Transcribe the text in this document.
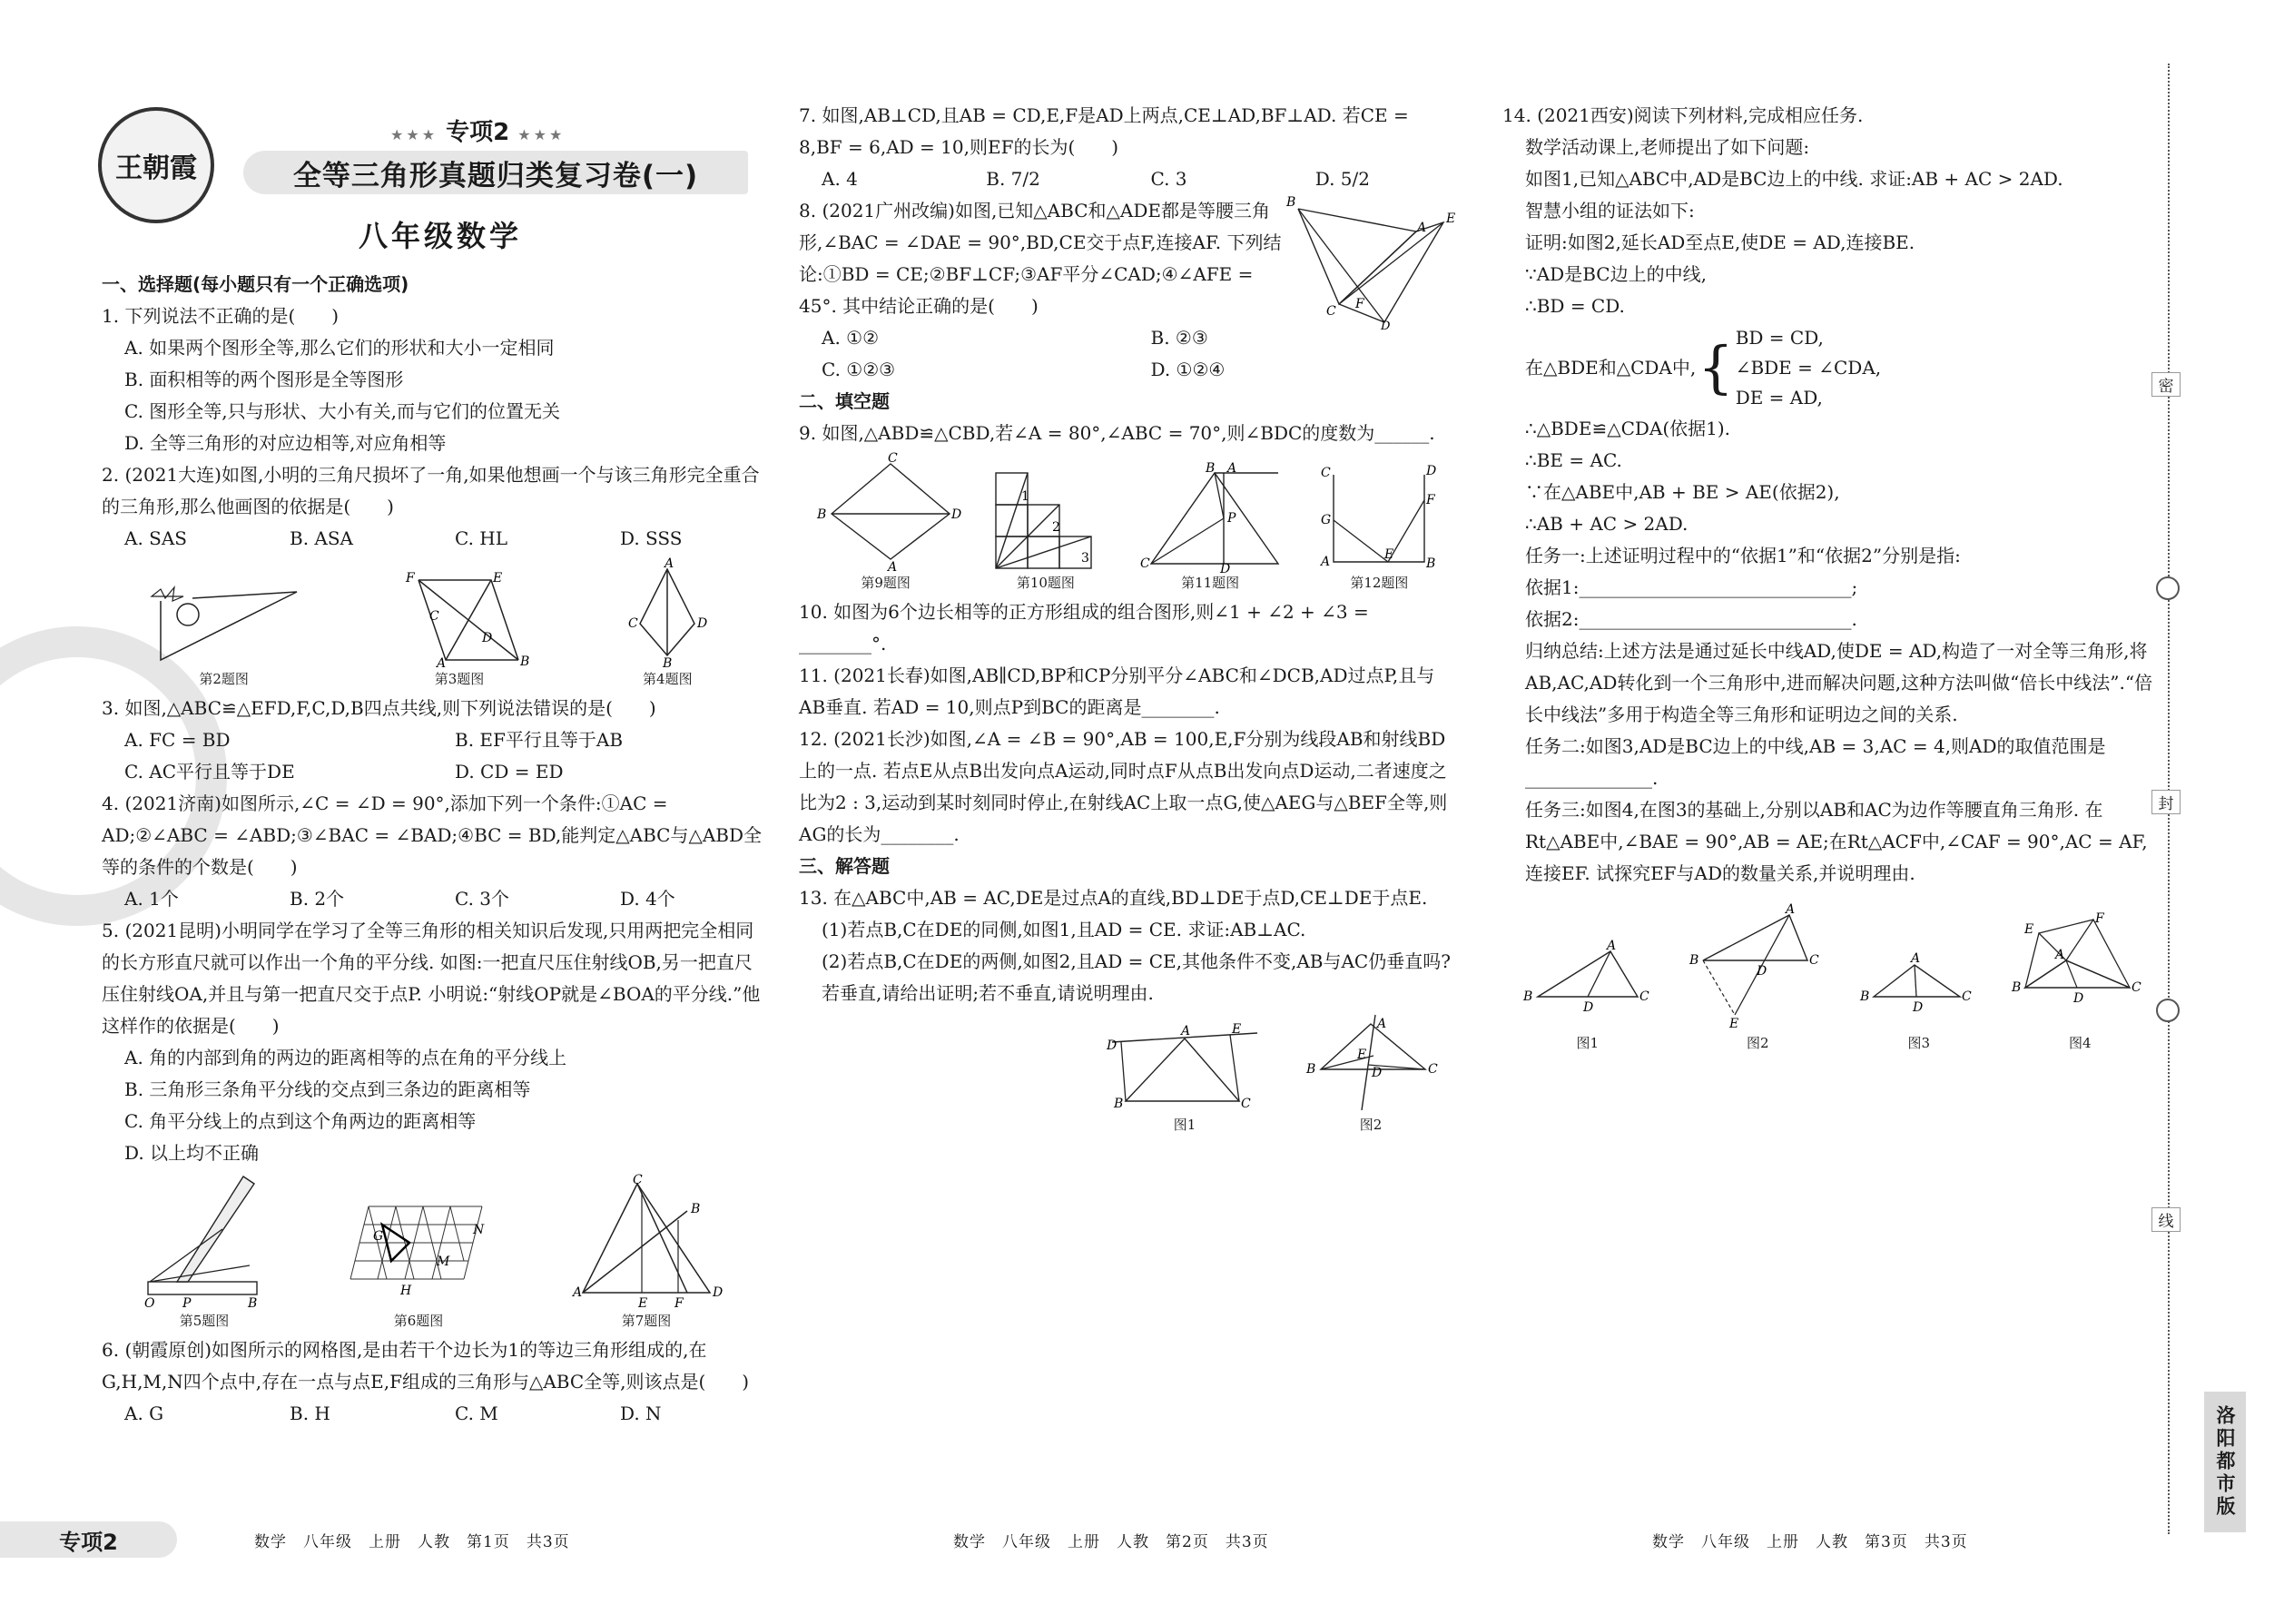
王朝霞
★★★ 专项2 ★★★
全等三角形真题归类复习卷(一)
八年级数学
一、选择题(每小题只有一个正确选项)
1. 下列说法不正确的是(　　)
A. 如果两个图形全等,那么它们的形状和大小一定相同
B. 面积相等的两个图形是全等图形
C. 图形全等,只与形状、大小有关,而与它们的位置无关
D. 全等三角形的对应边相等,对应角相等
2. (2021大连)如图,小明的三角尺损坏了一角,如果他想画一个与该三角形完全重合的三角形,那么他画图的依据是(　　)
A. SAS	B. ASA	C. HL	D. SSS
第2题图
F	E
C
D
A	B
第3题图
A
C	D
B
第4题图
3. 如图,△ABC≌△EFD,F,C,D,B四点共线,则下列说法错误的是(　　)
A. FC = BD	B. EF平行且等于AB
C. AC平行且等于DE	D. CD = ED
4. (2021济南)如图所示,∠C = ∠D = 90°,添加下列一个条件:①AC = AD;②∠ABC = ∠ABD;③∠BAC = ∠BAD;④BC = BD,能判定△ABC与△ABD全等的条件的个数是(　　)
A. 1个	B. 2个	C. 3个	D. 4个
5. (2021昆明)小明同学在学习了全等三角形的相关知识后发现,只用两把完全相同的长方形直尺就可以作出一个角的平分线. 如图:一把直尺压住射线OB,另一把直尺压住射线OA,并且与第一把直尺交于点P. 小明说:“射线OP就是∠BOA的平分线.”他这样作的依据是(　　)
A. 角的内部到角的两边的距离相等的点在角的平分线上
B. 三角形三条角平分线的交点到三条边的距离相等
C. 角平分线上的点到这个角两边的距离相等
D. 以上均不正确
O P	B
第5题图
H
M
N
G
第6题图
C
B
A	D
E F
第7题图
6. (朝霞原创)如图所示的网格图,是由若干个边长为1的等边三角形组成的,在G,H,M,N四个点中,存在一点与点E,F组成的三角形与△ABC全等,则该点是(　　)
A. G	B. H	C. M	D. N
7. 如图,AB⊥CD,且AB = CD,E,F是AD上两点,CE⊥AD,BF⊥AD. 若CE = 8,BF = 6,AD = 10,则EF的长为(　　)
A. 4	B. 7/2	C. 3	D. 5/2
8. (2021广州改编)如图,已知△ABC和△ADE都是等腰三角形,∠BAC = ∠DAE = 90°,BD,CE交于点F,连接AF. 下列结论:①BD = CE;②BF⊥CF;③AF平分∠CAD;④∠AFE = 45°. 其中结论正确的是(　　)
B
A
E
C F
D
A. ①②	B. ②③
C. ①②③	D. ①②④
二、填空题
9. 如图,△ABD≌△CBD,若∠A = 80°,∠ABC = 70°,则∠BDC的度数为______.
C
B	D
A
第9题图
1
2
3
第10题图
B A
P
C	D
第11题图
C	D
G
F
A	E
B
第12题图
10. 如图为6个边长相等的正方形组成的组合图形,则∠1 + ∠2 + ∠3 = ________°.
11. (2021长春)如图,AB∥CD,BP和CP分别平分∠ABC和∠DCB,AD过点P,且与AB垂直. 若AD = 10,则点P到BC的距离是________.
12. (2021长沙)如图,∠A = ∠B = 90°,AB = 100,E,F分别为线段AB和射线BD上的一点. 若点E从点B出发向点A运动,同时点F从点B出发向点D运动,二者速度之比为2 : 3,运动到某时刻同时停止,在射线AC上取一点G,使△AEG与△BEF全等,则AG的长为________.
三、解答题
13. 在△ABC中,AB = AC,DE是过点A的直线,BD⊥DE于点D,CE⊥DE于点E.
(1)若点B,C在DE的同侧,如图1,且AD = CE. 求证:AB⊥AC.
(2)若点B,C在DE的两侧,如图2,且AD = CE,其他条件不变,AB与AC仍垂直吗? 若垂直,请给出证明;若不垂直,请说明理由.
D
A	E
B	C
图1
A
B	C
E
D
图2
14. (2021西安)阅读下列材料,完成相应任务.
数学活动课上,老师提出了如下问题:
如图1,已知△ABC中,AD是BC边上的中线. 求证:AB + AC > 2AD.
智慧小组的证法如下:
证明:如图2,延长AD至点E,使DE = AD,连接BE.
∵AD是BC边上的中线,
∴BD = CD.
在△BDE和△CDA中, { BD = CD,
∠BDE = ∠CDA,
DE = AD,
∴△BDE≌△CDA(依据1).
∴BE = AC.
∵在△ABE中,AB + BE > AE(依据2),
∴AB + AC > 2AD.
任务一:上述证明过程中的“依据1”和“依据2”分别是指:
依据1:______________________________;
依据2:______________________________.
归纳总结:上述方法是通过延长中线AD,使DE = AD,构造了一对全等三角形,将AB,AC,AD转化到一个三角形中,进而解决问题,这种方法叫做“倍长中线法”.“倍长中线法”多用于构造全等三角形和证明边之间的关系.
任务二:如图3,AD是BC边上的中线,AB = 3,AC = 4,则AD的取值范围是______________.
任务三:如图4,在图3的基础上,分别以AB和AC为边作等腰直角三角形. 在Rt△ABE中,∠BAE = 90°,AB = AE;在Rt△ACF中,∠CAF = 90°,AC = AF,连接EF. 试探究EF与AD的数量关系,并说明理由.
A
B	C
D
图1
A
B	C
D
E
图2
A
B	C
D
图3
F
E
A
B	C
D
图4
专项2	数学　八年级　上册　人教　第1页　共3页	数学　八年级　上册　人教　第2页　共3页	数学　八年级　上册　人教　第3页　共3页
密
封
线
洛阳都市版
